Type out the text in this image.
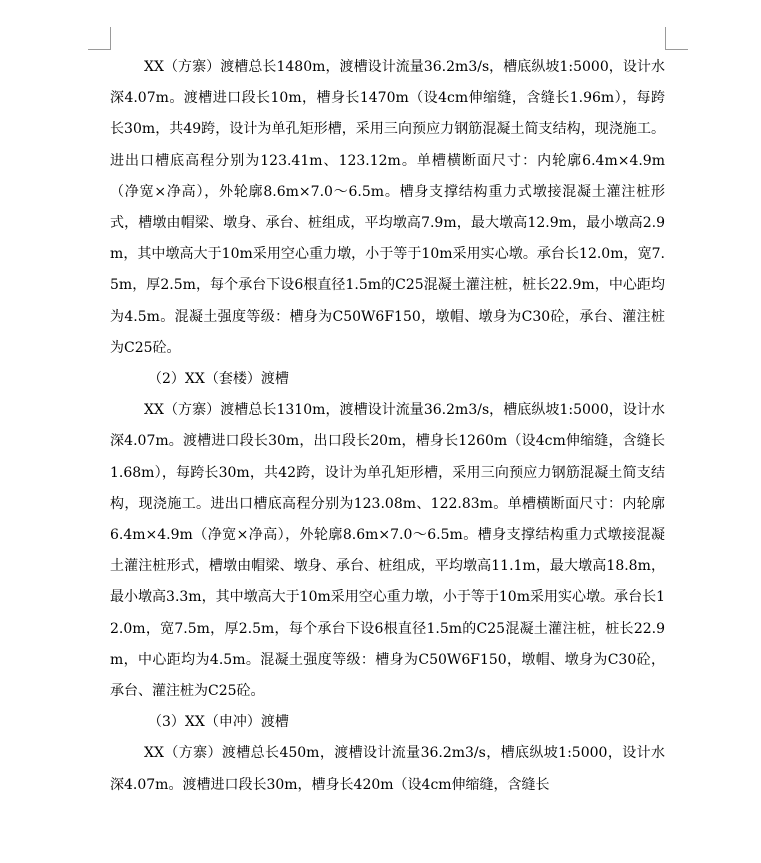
XX（方寨）渡槽总长1480m，渡槽设计流量36.2m3/s，槽底纵坡1:5000，设计水深4.07m。渡槽进口段长10m，槽身长1470m（设4cm伸缩缝，含缝长1.96m），每跨长30m，共49跨，设计为单孔矩形槽，采用三向预应力钢筋混凝土简支结构，现浇施工。进出口槽底高程分别为123.41m、123.12m。单槽横断面尺寸：内轮廓6.4m×4.9m（净宽×净高），外轮廓8.6m×7.0～6.5m。槽身支撑结构重力式墩接混凝土灌注桩形式，槽墩由帽梁、墩身、承台、桩组成，平均墩高7.9m，最大墩高12.9m，最小墩高2.9m，其中墩高大于10m采用空心重力墩，小于等于10m采用实心墩。承台长12.0m，宽7.5m，厚2.5m，每个承台下设6根直径1.5m的C25混凝土灌注桩，桩长22.9m，中心距均为4.5m。混凝土强度等级：槽身为C50W6F150，墩帽、墩身为C30砼，承台、灌注桩为C25砼。

（2）XX（套楼）渡槽

XX（方寨）渡槽总长1310m，渡槽设计流量36.2m3/s，槽底纵坡1:5000，设计水深4.07m。渡槽进口段长30m，出口段长20m，槽身长1260m（设4cm伸缩缝，含缝长1.68m），每跨长30m，共42跨，设计为单孔矩形槽，采用三向预应力钢筋混凝土简支结构，现浇施工。进出口槽底高程分别为123.08m、122.83m。单槽横断面尺寸：内轮廓6.4m×4.9m（净宽×净高），外轮廓8.6m×7.0～6.5m。槽身支撑结构重力式墩接混凝土灌注桩形式，槽墩由帽梁、墩身、承台、桩组成，平均墩高11.1m，最大墩高18.8m，最小墩高3.3m，其中墩高大于10m采用空心重力墩，小于等于10m采用实心墩。承台长12.0m，宽7.5m，厚2.5m，每个承台下设6根直径1.5m的C25混凝土灌注桩，桩长22.9m，中心距均为4.5m。混凝土强度等级：槽身为C50W6F150，墩帽、墩身为C30砼，承台、灌注桩为C25砼。

（3）XX（申冲）渡槽

XX（方寨）渡槽总长450m，渡槽设计流量36.2m3/s，槽底纵坡1:5000，设计水深4.07m。渡槽进口段长30m，槽身长420m（设4cm伸缩缝，含缝长
